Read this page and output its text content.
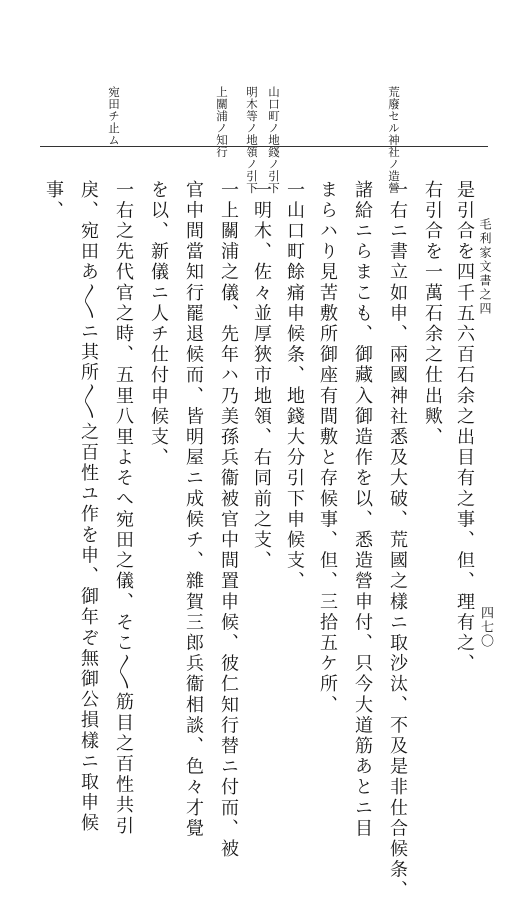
毛利家文書之四
四七〇
荒廢セル神社ノ造營
山口町ノ地錢ノ引下
明木等ノ地領ノ引下
上關浦ノ知行
宛田チ止ム

是引合を四千五六百石余之出目有之事、但、理有之、

右引合を一萬石余之仕出歟、

一右ニ書立如申、兩國神社悉及大破、荒國之樣ニ取沙汰、不及是非仕合候条、

諸給ニらまこも、御藏入御造作を以、悉造營申付、只今大道筋あとニ目

まらハり見苦敷所御座有間敷と存候事、但、三拾五ケ所、

一山口町餘痛申候条、地錢大分引下申候支、

一明木、佐々並厚狹市地領、右同前之支、

一上關浦之儀、先年ハ乃美孫兵衞被官中間置申候、彼仁知行替ニ付而、被

官中間當知行罷退候而、皆明屋ニ成候チ、雜賀三郎兵衞相談、色々才覺

を以、新儀ニ人チ仕付申候支、

一右之先代官之時、五里八里よそへ宛田之儀、そこ〱筋目之百性共引

戾、宛田あ〱ニ其所〱之百性ユ作を申、御年ぞ無御公損樣ニ取申候

事、
